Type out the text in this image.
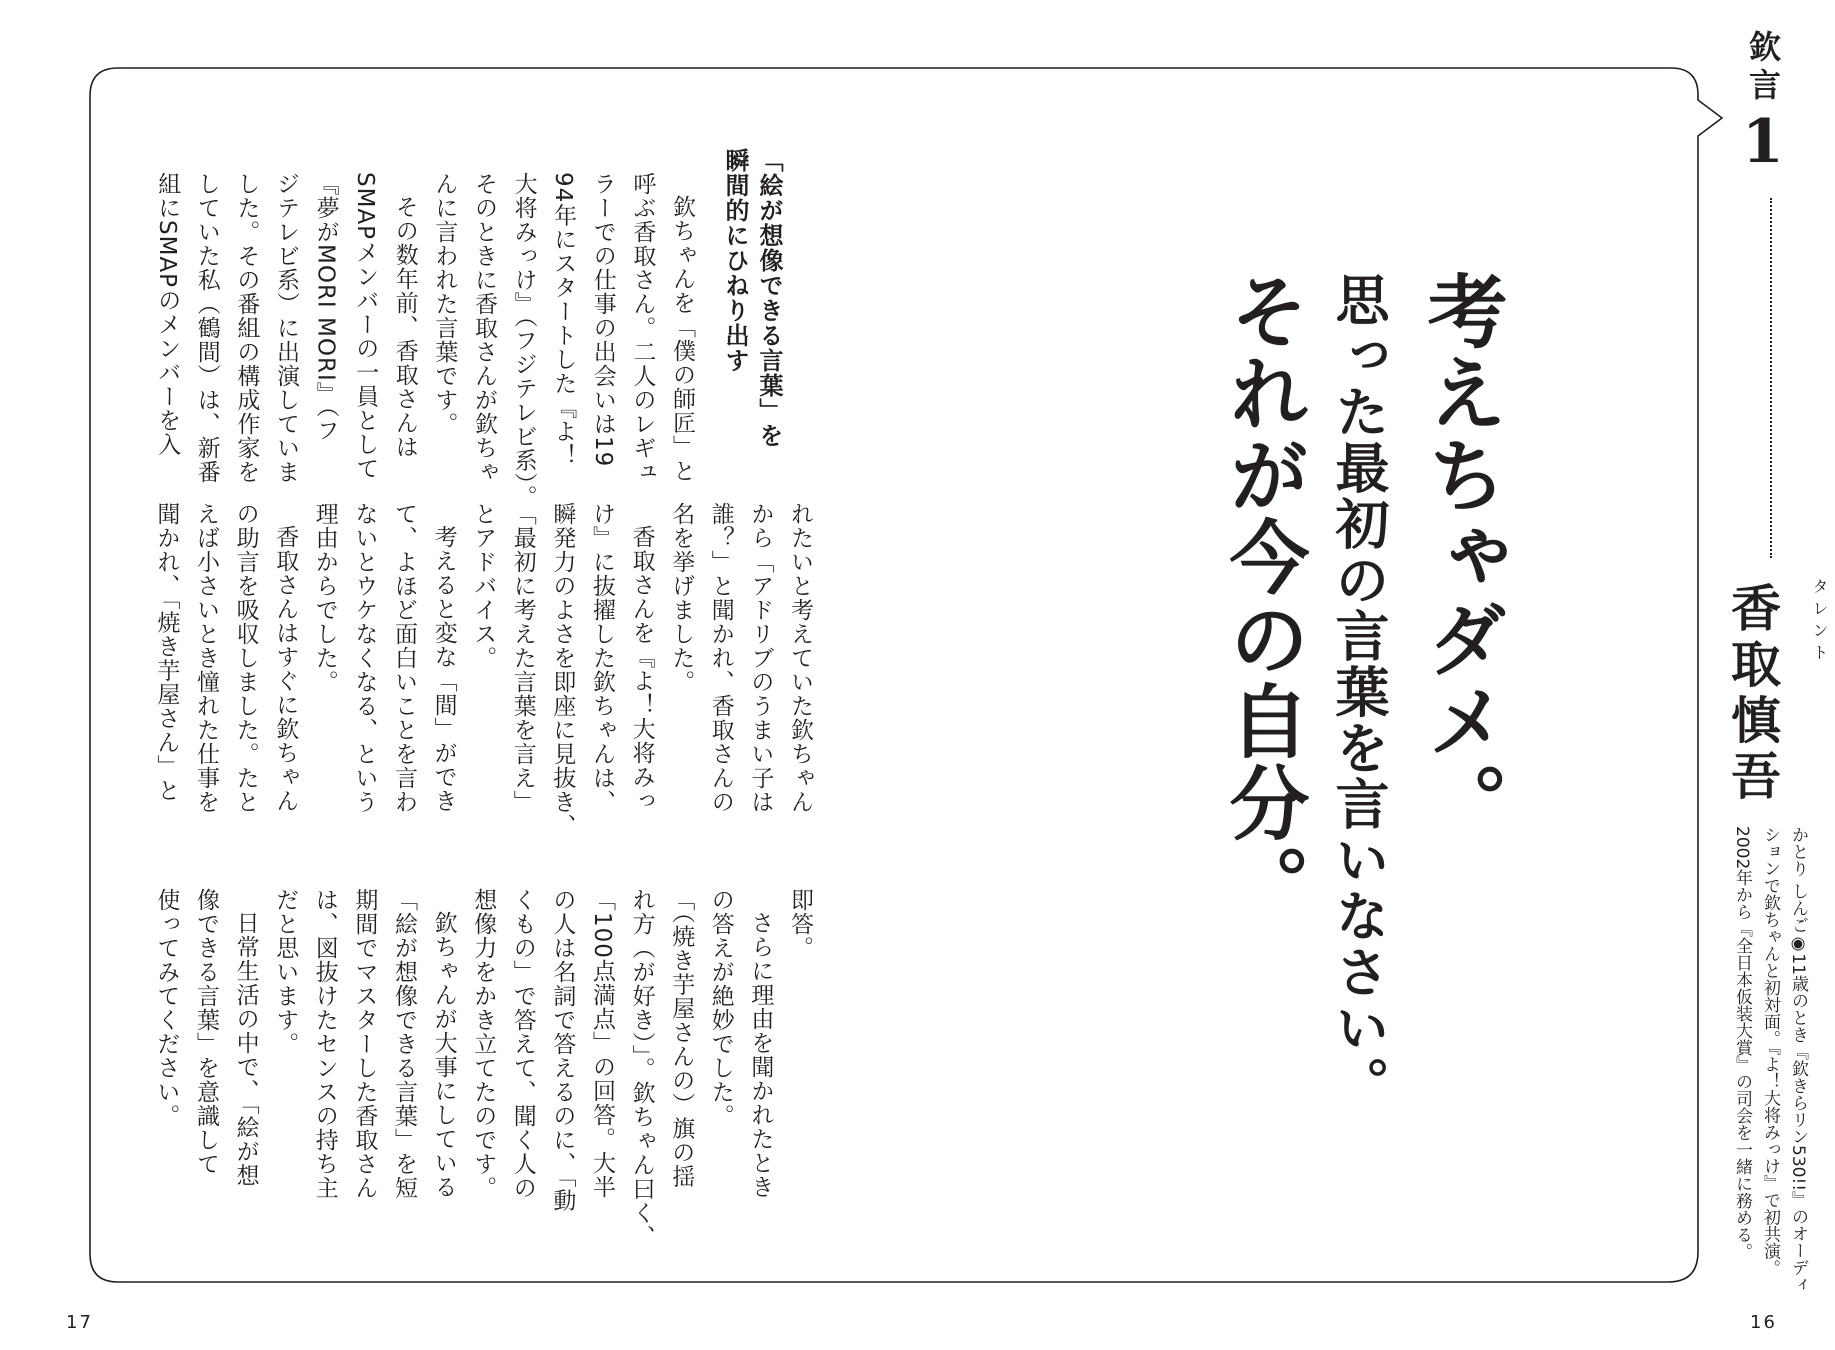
欽言
1
タレント
香取慎吾
かとり しんご◉11歳のとき『欽きらリン530!!』のオーディ
ションで欽ちゃんと初対面。『よ！大将みっけ』で初共演。
2002年から『全日本仮装大賞』の司会を一緒に務める。
考えちゃダメ。
思った最初の言葉を言いなさい。
それが今の自分。
「絵が想像できる言葉」を
瞬間的にひねり出す
欽ちゃんを「僕の師匠」と
呼ぶ香取さん。二人のレギュ
ラーでの仕事の出会いは19
94年にスタートした『よ！
大将みっけ』（フジテレビ系）。
そのときに香取さんが欽ちゃ
んに言われた言葉です。
その数年前、香取さんは
SMAPメンバーの一員として
『夢がMORI MORI』（フ
ジテレビ系）に出演していま
した。その番組の構成作家を
していた私（鶴間）は、新番
組にSMAPのメンバーを入
れたいと考えていた欽ちゃん
から「アドリブのうまい子は
誰？」と聞かれ、香取さんの
名を挙げました。
香取さんを『よ！大将みっ
け』に抜擢した欽ちゃんは、
瞬発力のよさを即座に見抜き、
「最初に考えた言葉を言え」
とアドバイス。
考えると変な「間」ができ
て、よほど面白いことを言わ
ないとウケなくなる、という
理由からでした。
香取さんはすぐに欽ちゃん
の助言を吸収しました。たと
えば小さいとき憧れた仕事を
聞かれ、「焼き芋屋さん」と
即答。
さらに理由を聞かれたとき
の答えが絶妙でした。
「（焼き芋屋さんの）旗の揺
れ方（が好き）」。欽ちゃん曰く、
「100点満点」の回答。大半
の人は名詞で答えるのに、「動
くもの」で答えて、聞く人の
想像力をかき立てたのです。
欽ちゃんが大事にしている
「絵が想像できる言葉」を短
期間でマスターした香取さん
は、図抜けたセンスの持ち主
だと思います。
日常生活の中で、「絵が想
像できる言葉」を意識して
使ってみてください。
17	16
